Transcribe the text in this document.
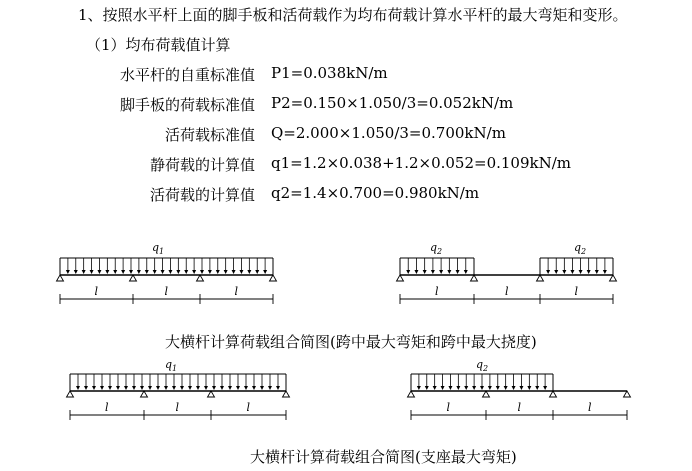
1、按照水平杆上面的脚手板和活荷载作为均布荷载计算水平杆的最大弯矩和变形。
（1）均布荷载值计算
水平杆的自重标准值 P1=0.038kN/m
脚手板的荷载标准值 P2=0.150×1.050/3=0.052kN/m
活荷载标准值 Q=2.000×1.050/3=0.700kN/m
静荷载的计算值 q1=1.2×0.038+1.2×0.052=0.109kN/m
活荷载的计算值 q2=1.4×0.700=0.980kN/m
l	l	l
$q_1$
l	l	l
$q_2$	$q_2$
l	l	l
$q_1$
l	l	l
$q_2$
大横杆计算荷载组合简图(跨中最大弯矩和跨中最大挠度)
大横杆计算荷载组合简图(支座最大弯矩)
